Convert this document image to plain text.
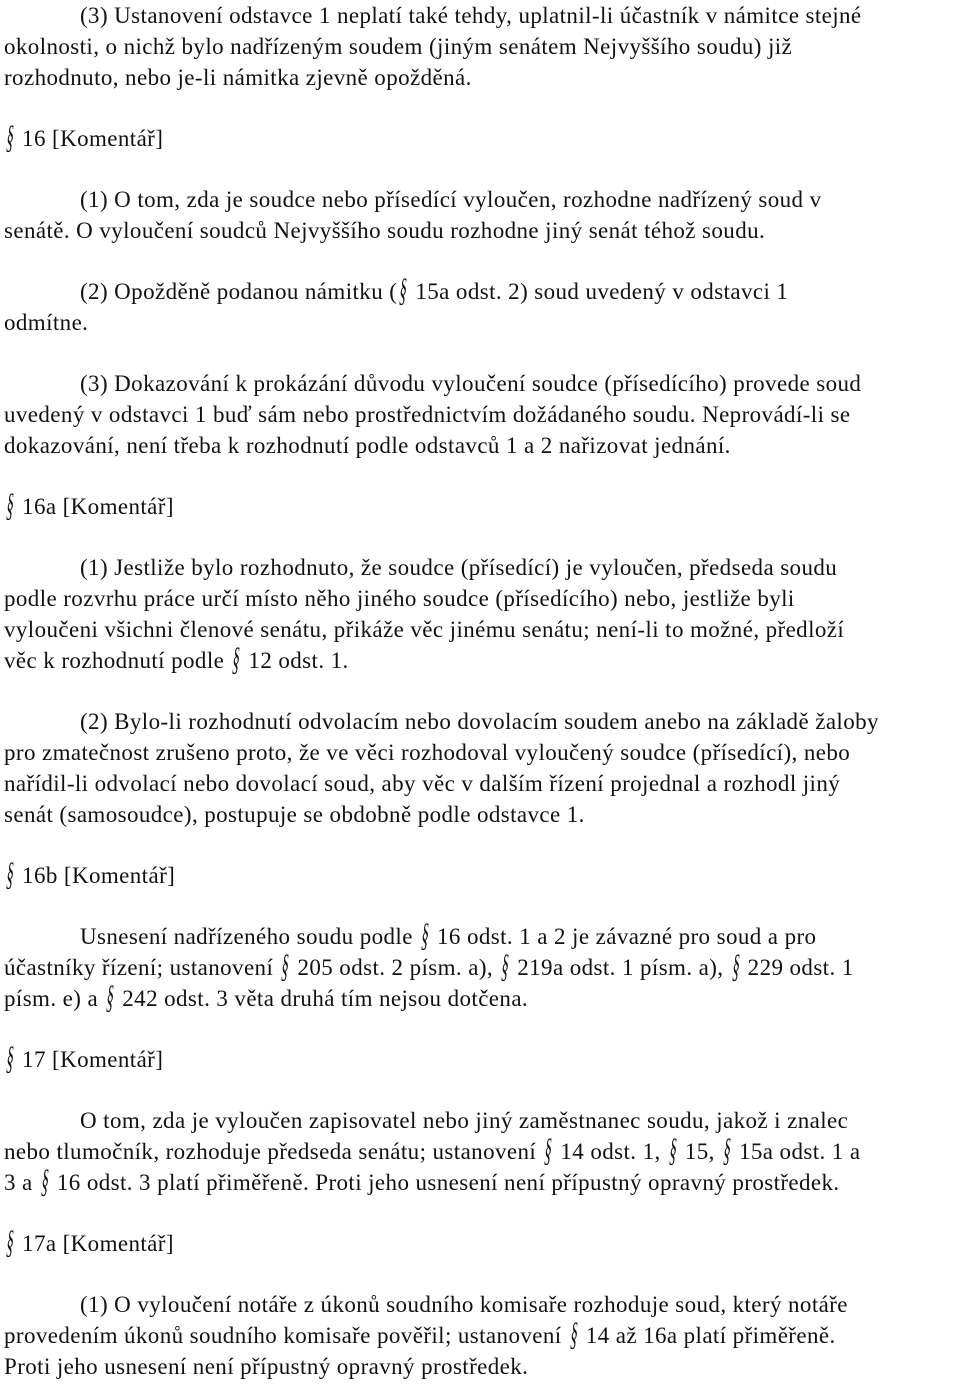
(3) Ustanovení odstavce 1 neplatí také tehdy, uplatnil-li účastník v námitce stejné
okolnosti, o nichž bylo nadřízeným soudem (jiným senátem Nejvyššího soudu) již
rozhodnuto, nebo je-li námitka zjevně opožděná.
§ 16 [Komentář]
(1) O tom, zda je soudce nebo přísedící vyloučen, rozhodne nadřízený soud v
senátě. O vyloučení soudců Nejvyššího soudu rozhodne jiný senát téhož soudu.
(2) Opožděně podanou námitku (§ 15a odst. 2) soud uvedený v odstavci 1
odmítne.
(3) Dokazování k prokázání důvodu vyloučení soudce (přísedícího) provede soud
uvedený v odstavci 1 buď sám nebo prostřednictvím dožádaného soudu. Neprovádí-li se
dokazování, není třeba k rozhodnutí podle odstavců 1 a 2 nařizovat jednání.
§ 16a [Komentář]
(1) Jestliže bylo rozhodnuto, že soudce (přísedící) je vyloučen, předseda soudu
podle rozvrhu práce určí místo něho jiného soudce (přísedícího) nebo, jestliže byli
vyloučeni všichni členové senátu, přikáže věc jinému senátu; není-li to možné, předloží
věc k rozhodnutí podle § 12 odst. 1.
(2) Bylo-li rozhodnutí odvolacím nebo dovolacím soudem anebo na základě žaloby
pro zmatečnost zrušeno proto, že ve věci rozhodoval vyloučený soudce (přísedící), nebo
nařídil-li odvolací nebo dovolací soud, aby věc v dalším řízení projednal a rozhodl jiný
senát (samosoudce), postupuje se obdobně podle odstavce 1.
§ 16b [Komentář]
Usnesení nadřízeného soudu podle § 16 odst. 1 a 2 je závazné pro soud a pro
účastníky řízení; ustanovení § 205 odst. 2 písm. a), § 219a odst. 1 písm. a), § 229 odst. 1
písm. e) a § 242 odst. 3 věta druhá tím nejsou dotčena.
§ 17 [Komentář]
O tom, zda je vyloučen zapisovatel nebo jiný zaměstnanec soudu, jakož i znalec
nebo tlumočník, rozhoduje předseda senátu; ustanovení § 14 odst. 1, § 15, § 15a odst. 1 a
3 a § 16 odst. 3 platí přiměřeně. Proti jeho usnesení není přípustný opravný prostředek.
§ 17a [Komentář]
(1) O vyloučení notáře z úkonů soudního komisaře rozhoduje soud, který notáře
provedením úkonů soudního komisaře pověřil; ustanovení § 14 až 16a platí přiměřeně.
Proti jeho usnesení není přípustný opravný prostředek.
